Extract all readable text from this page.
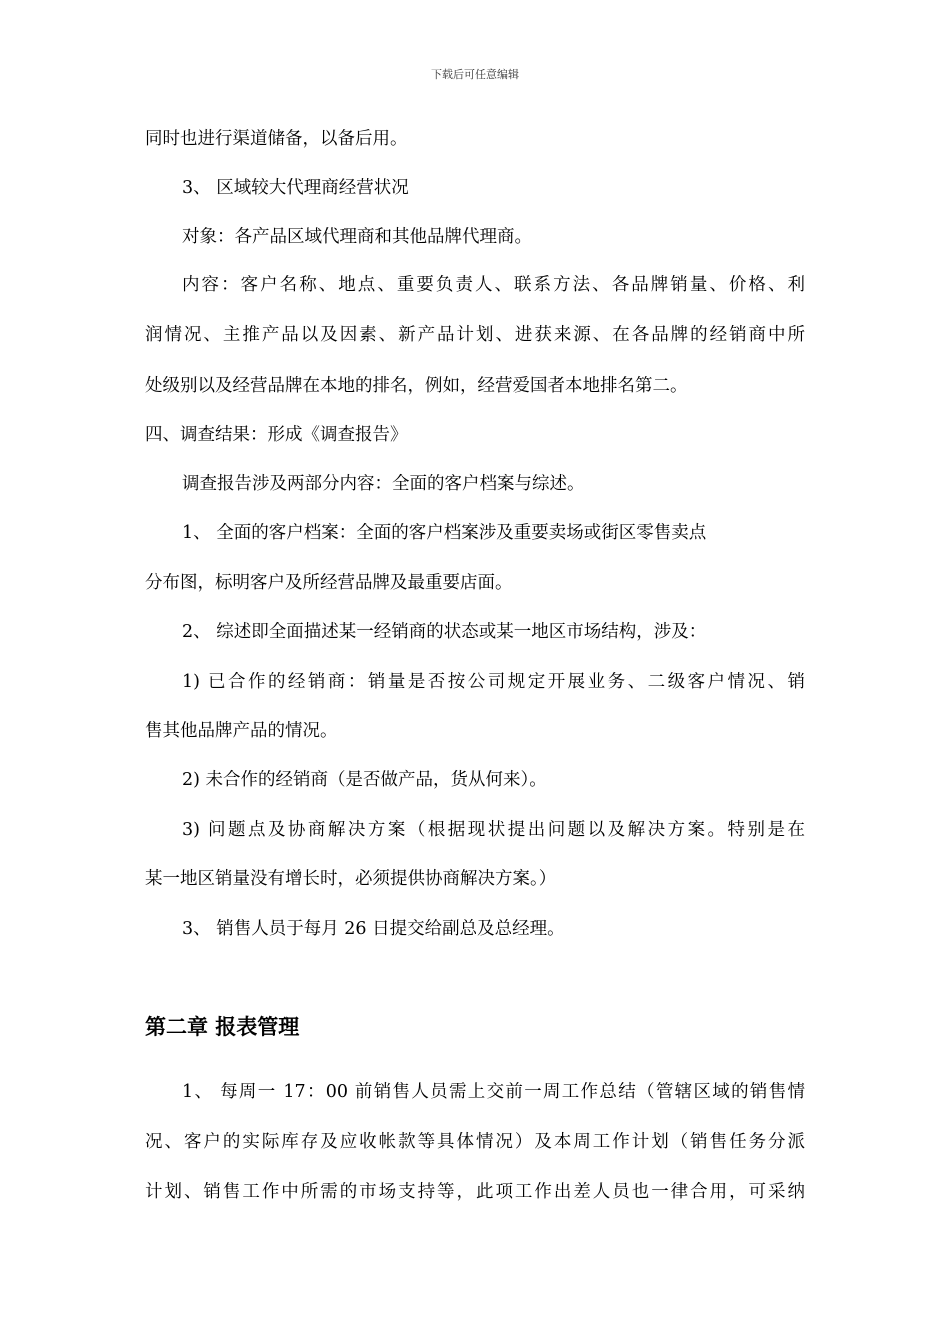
下载后可任意编辑
同时也进行渠道储备，以备后用。
3、 区域较大代理商经营状况
对象：各产品区域代理商和其他品牌代理商。
内容：客户名称、地点、重要负责人、联系方法、各品牌销量、价格、利
润情况、主推产品以及因素、新产品计划、进获来源、在各品牌的经销商中所
处级别以及经营品牌在本地的排名，例如，经营爱国者本地排名第二。
四、调查结果：形成《调查报告》
调查报告涉及两部分内容：全面的客户档案与综述。
1、 全面的客户档案：全面的客户档案涉及重要卖场或街区零售卖点
分布图，标明客户及所经营品牌及最重要店面。
2、 综述即全面描述某一经销商的状态或某一地区市场结构，涉及：
1) 已合作的经销商：销量是否按公司规定开展业务、二级客户情况、销
售其他品牌产品的情况。
2) 未合作的经销商（是否做产品，货从何来）。
3) 问题点及协商解决方案（根据现状提出问题以及解决方案。特别是在
某一地区销量没有增长时，必须提供协商解决方案。）
3、 销售人员于每月 26 日提交给副总及总经理。
第二章 报表管理
1、 每周一 17：00 前销售人员需上交前一周工作总结（管辖区域的销售情
况、客户的实际库存及应收帐款等具体情况）及本周工作计划（销售任务分派
计划、销售工作中所需的市场支持等，此项工作出差人员也一律合用，可采纳
